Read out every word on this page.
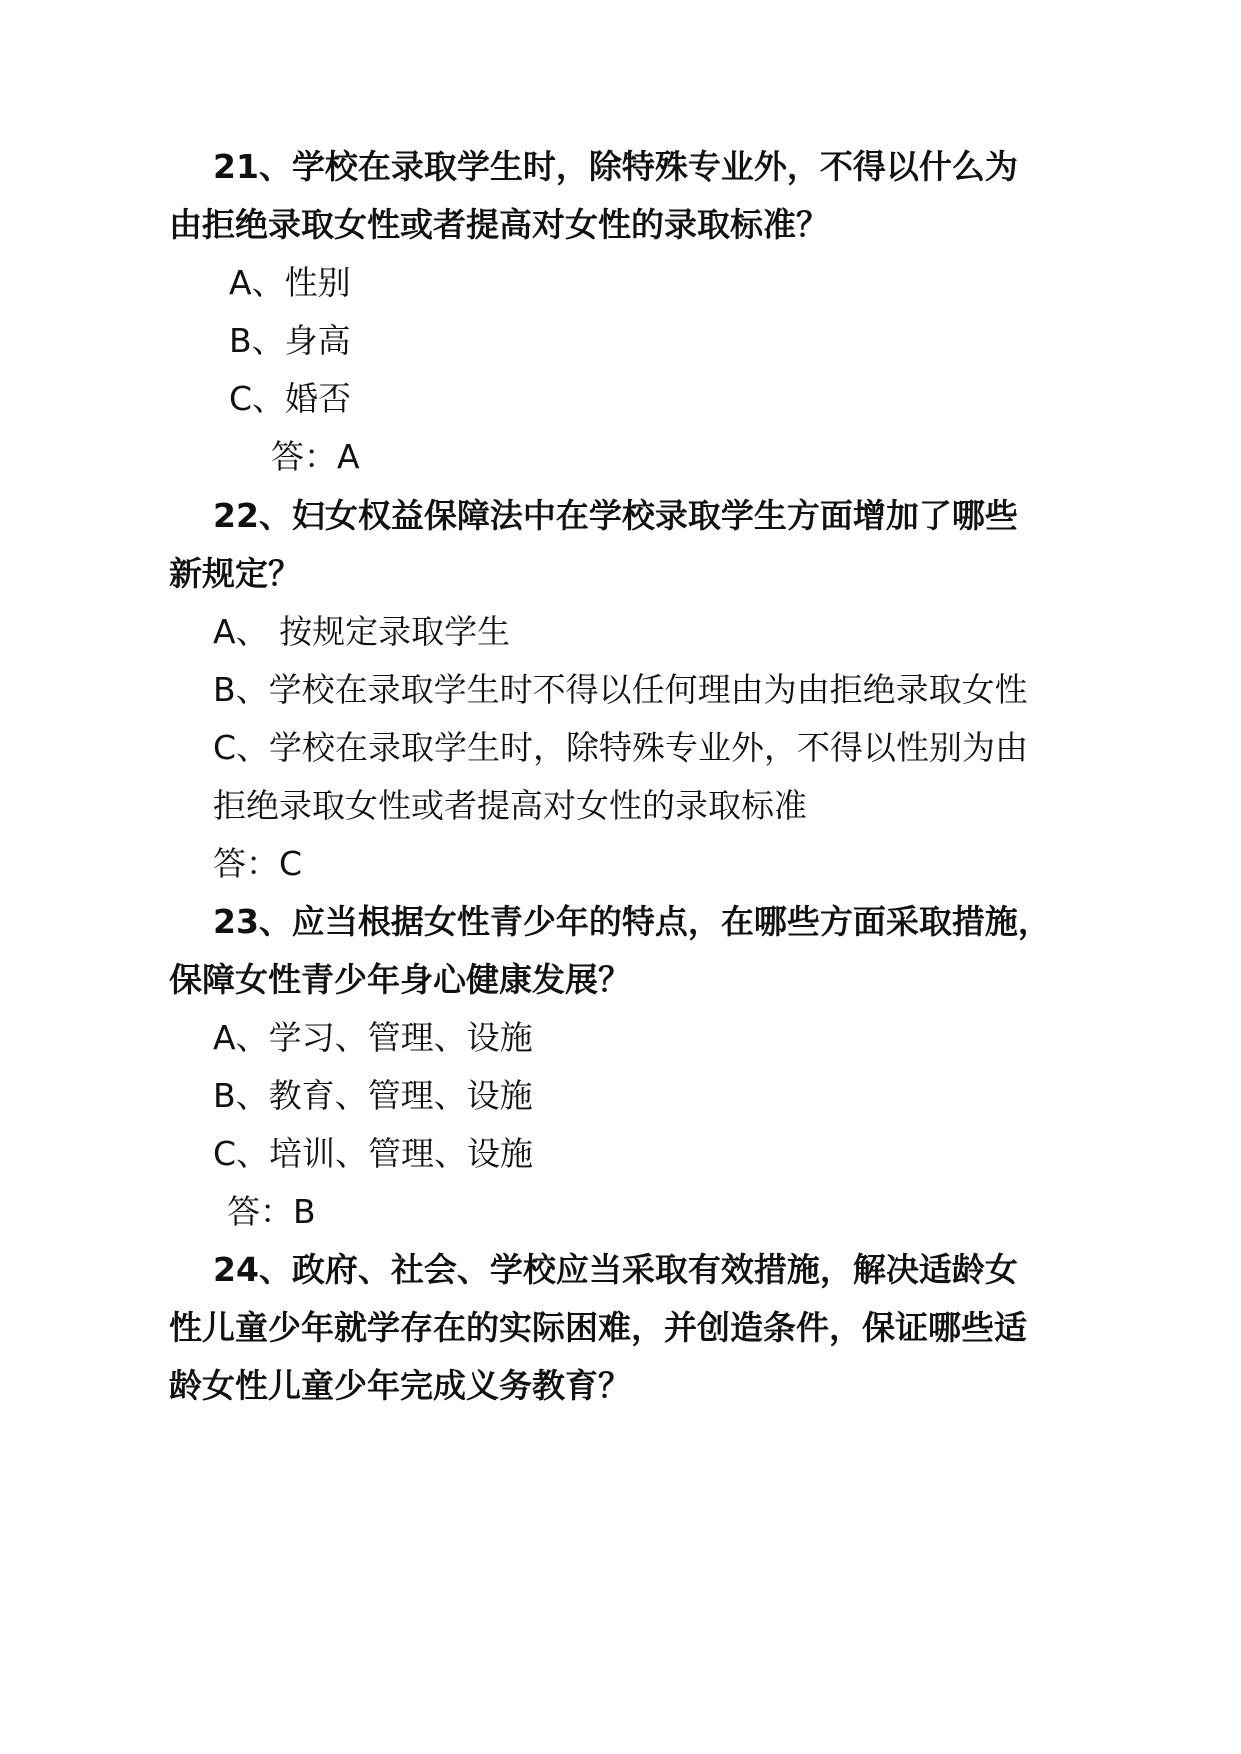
21、学校在录取学生时，除特殊专业外，不得以什么为

由拒绝录取女性或者提高对女性的录取标准？

A、性别

B、身高

C、婚否

答：A

22、妇女权益保障法中在学校录取学生方面增加了哪些

新规定？

A、 按规定录取学生

B、学校在录取学生时不得以任何理由为由拒绝录取女性

C、学校在录取学生时，除特殊专业外，不得以性别为由

拒绝录取女性或者提高对女性的录取标准

答：C

23、应当根据女性青少年的特点，在哪些方面采取措施，

保障女性青少年身心健康发展？

A、学习、管理、设施

B、教育、管理、设施

C、培训、管理、设施

答：B

24、政府、社会、学校应当采取有效措施，解决适龄女

性儿童少年就学存在的实际困难，并创造条件，保证哪些适

龄女性儿童少年完成义务教育？
